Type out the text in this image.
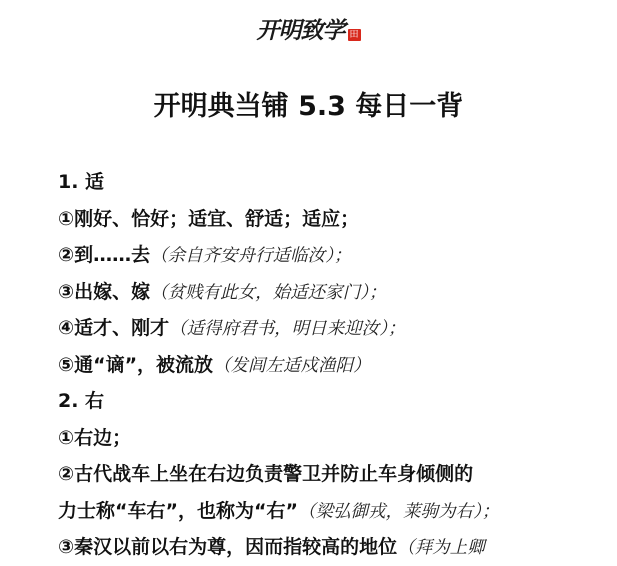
开明致学 田
开明典当铺 5.3 每日一背
1. 适
①刚好、恰好；适宜、舒适；适应；
②到……去（余自齐安舟行适临汝）；
③出嫁、嫁（贫贱有此女，始适还家门）；
④适才、刚才（适得府君书，明日来迎汝）；
⑤通“谪”，被流放（发闾左适戍渔阳）
2. 右
①右边；
②古代战车上坐在右边负责警卫并防止车身倾侧的
力士称“车右”，也称为“右”（梁弘御戎，莱驹为右）；
③秦汉以前以右为尊，因而指较高的地位（拜为上卿
